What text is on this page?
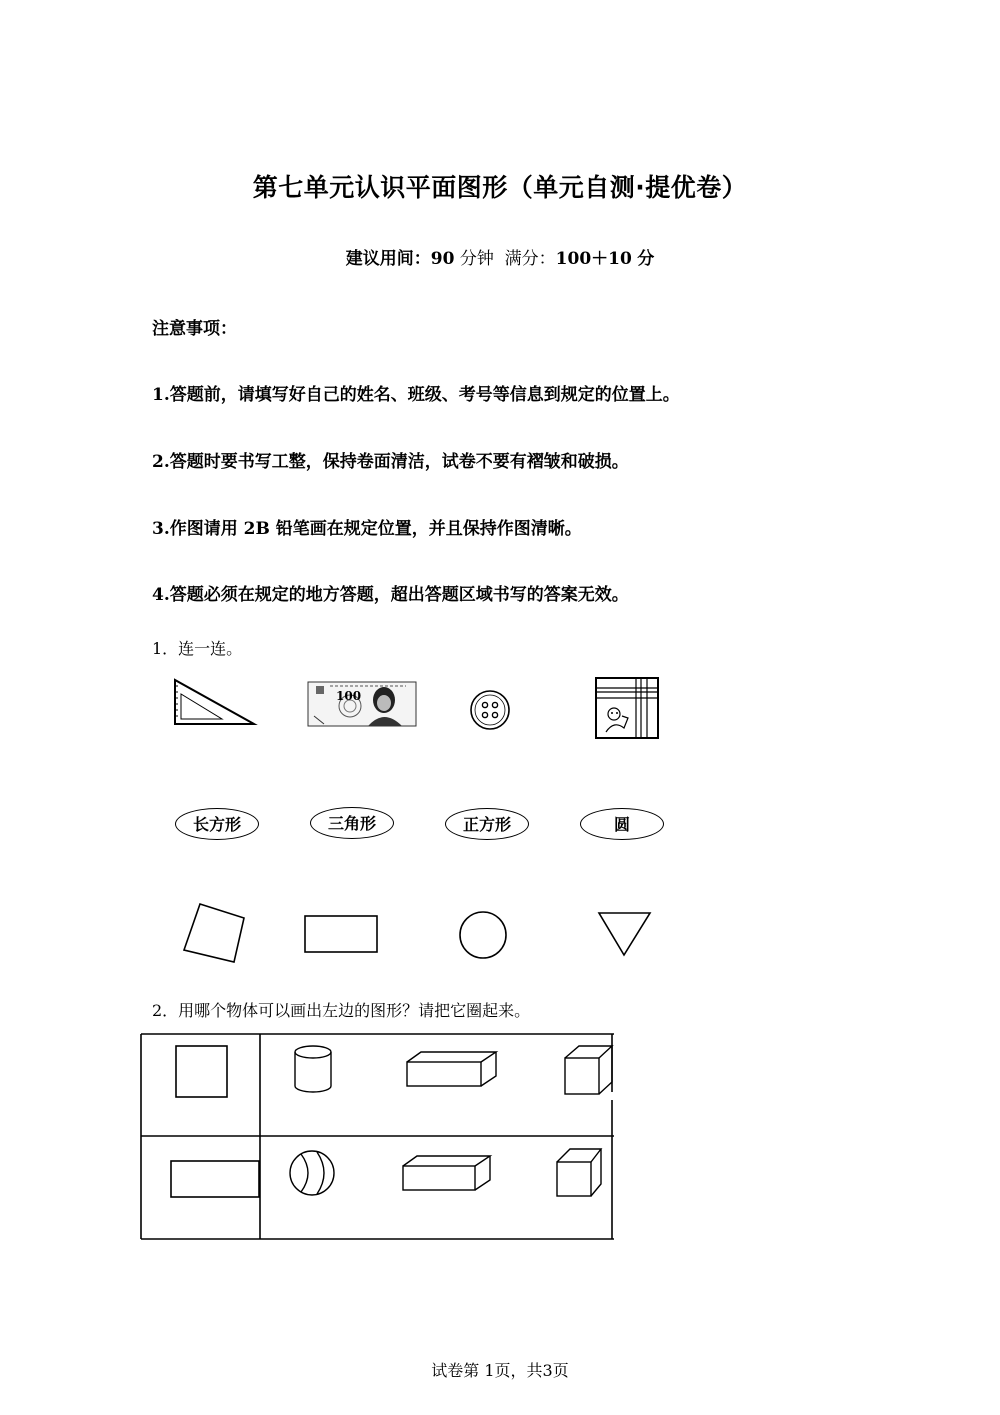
第七单元认识平面图形（单元自测·提优卷）
建议用间：90 分钟 满分：100＋10 分
注意事项：
1.答题前，请填写好自己的姓名、班级、考号等信息到规定的位置上。
2.答题时要书写工整，保持卷面清洁，试卷不要有褶皱和破损。
3.作图请用 2B 铅笔画在规定位置，并且保持作图清晰。
4.答题必须在规定的地方答题，超出答题区域书写的答案无效。
1．连一连。
100
长方形	三角形	正方形	圆
2．用哪个物体可以画出左边的图形？请把它圈起来。
试卷第 1页，共3页
